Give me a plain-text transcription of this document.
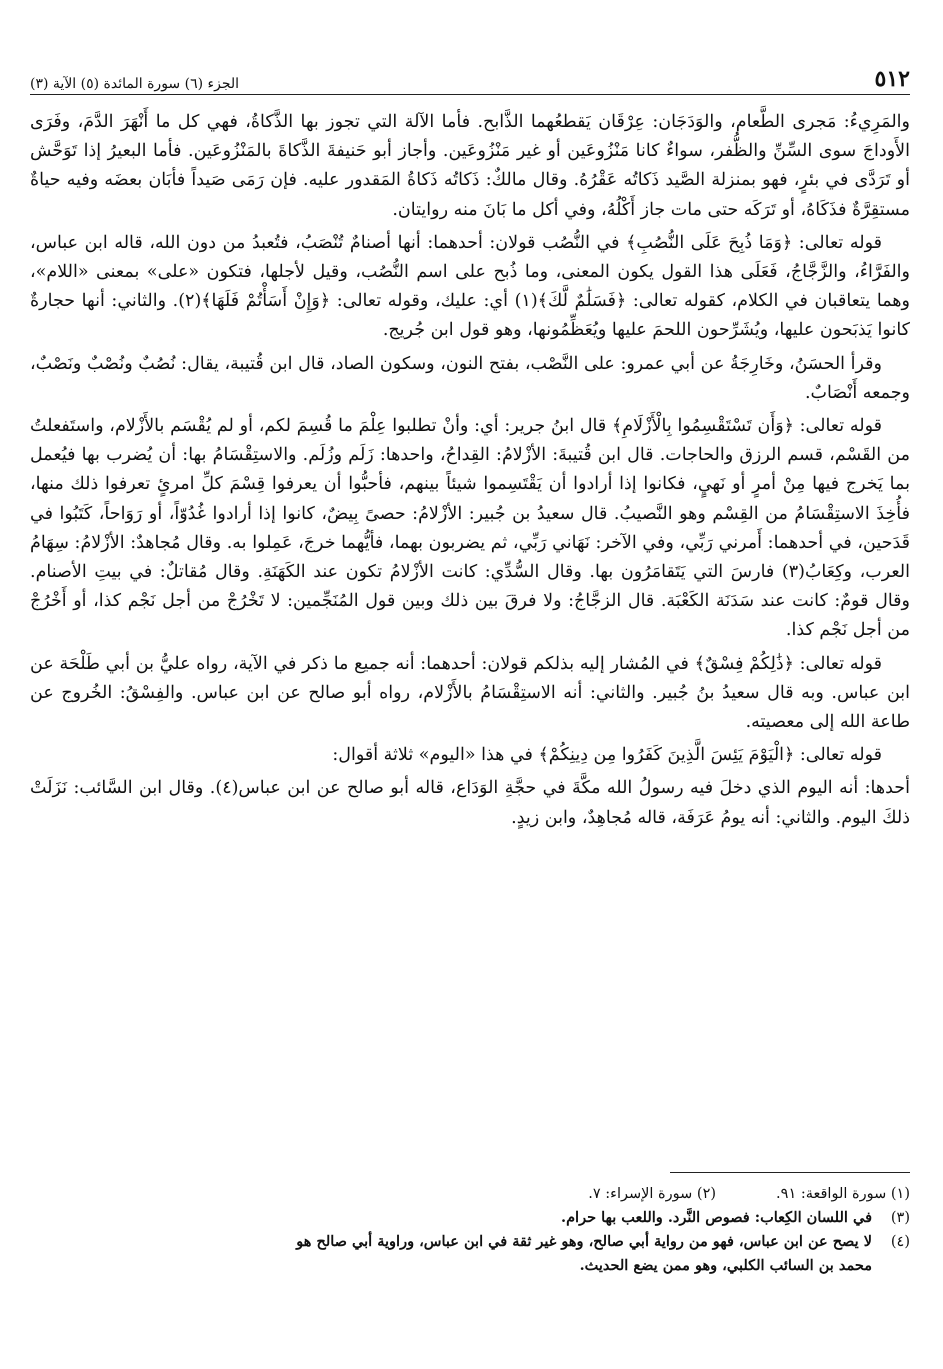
٥١٢
الجزء (٦) سورة المائدة (٥) الآية (٣)

والمَرِيءُ: مَجرى الطَّعام، والوَدَجَان: عِرْقَان يَقطعُهما الذَّابح. فأما الآلة التي تجوز بها الذَّكاةُ، فهي كل ما أَنْهَرَ الدَّمَ، وفَرَى الأَوداجَ سوى السِّنِّ والظُّفر، سواءٌ كانا مَنْزُوعَين أو غير مَنْزُوعَين. وأجاز أبو حَنيفةَ الذَّكاةَ بالمَنْزُوعَين. فأما البعيرُ إذا تَوَحَّش أو تَرَدَّى في بئرٍ، فهو بمنزلة الصَّيد ذَكاتُه عَقْرُهُ. وقال مالكٌ: ذَكاتُه ذَكاةُ المَقدور عليه. فإن رَمَى صَيداً فأبَان بعضَه وفيه حياةٌ مستقِرَّةٌ فذَكَاهُ، أو تَرَكَه حتى مات جاز أَكْلُهُ، وفي أكل ما بَانَ منه روايتان.

قوله تعالى: ﴿وَمَا ذُبِحَ عَلَى النُّصُبِ﴾ في النُّصُب قولان: أحدهما: أنها أصنامٌ تُنْصَبُ، فتُعبدُ من دون الله، قاله ابن عباس، والفَرَّاءُ، والزَّجَّاجُ، فَعَلَى هذا القول يكون المعنى، وما ذُبح على اسم النُّصُب، وقيل لأجلها، فتكون «على» بمعنى «اللام»، وهما يتعاقبان في الكلام، كقوله تعالى: ﴿فَسَلَٰمٌ لَّكَ﴾(١) أي: عليك، وقوله تعالى: ﴿وَإِنْ أَسَأْتُمْ فَلَهَا﴾(٢). والثاني: أنها حجارةٌ كانوا يَذبَحون عليها، ويُشَرِّحون اللحمَ عليها ويُعَظِّمُونها، وهو قول ابن جُريج.

وقرأ الحسَنُ، وخَارِجَةُ عن أبي عمرو: على النَّصْب، بفتح النون، وسكون الصاد، قال ابن قُتيبة، يقال: نُصُبٌ ونُصْبٌ ونَصْبٌ، وجمعه أَنْصَابٌ.

قوله تعالى: ﴿وَأَن تَسْتَقْسِمُوا بِالْأَزْلَامِ﴾ قال ابنُ جرير: أي: وأنْ تطلبوا عِلْمَ ما قُسِمَ لكم، أو لم يُقْسَم بالأَزْلام، واستَفعلتُ من القَسْم، قسم الرزق والحاجات. قال ابن قُتيبةَ: الأزْلامُ: القِداحُ، واحدها: زَلَم وزُلَم. والاستِقْسَامُ بها: أن يُضرب بها فيُعمل بما يَخرج فيها مِنْ أمرٍ أو نَهيٍ، فكانوا إذا أرادوا أن يَقْتَسِموا شيئاً بينهم، فأحبُّوا أن يعرفوا قِسْمَ كلِّ امرئٍ تعرفوا ذلك منها، فأُخِذَ الاستِقْسَامُ من القِسْم وهو النَّصيبُ. قال سعيدُ بن جُبير: الأزْلامُ: حصىً بِيضٌ، كانوا إذا أرادوا غُدُوّاً، أو رَوَاحاً، كَتَبُوا في قَدَحين، في أحدهما: أَمرني رَبِّي، وفي الآخر: نَهَاني رَبِّي، ثم يضربون بهما، فأيُّهما خرجَ، عَمِلوا به. وقال مُجاهدٌ: الأزْلامُ: سِهَامُ العرب، وكِعَابُ(٣) فارسَ التي يَتَقامَرُون بها. وقال السُّدِّي: كانت الأزْلامُ تكون عند الكَهَنَةِ. وقال مُقاتلٌ: في بيتِ الأصنام. وقال قومٌ: كانت عند سَدَنَة الكَعْبَة. قال الزجَّاجُ: ولا فرقَ بين ذلك وبين قول المُنَجِّمين: لا تَخْرُجْ من أجل نَجْم كذا، أو أَخْرُجْ من أجل نَجْم كذا.

قوله تعالى: ﴿ذَٰلِكُمْ فِسْقٌ﴾ في المُشار إليه بذلكم قولان: أحدهما: أنه جميع ما ذكر في الآية، رواه عليُّ بن أبي طَلْحَة عن ابن عباس. وبه قال سعيدُ بنُ جُبير. والثاني: أنه الاستِقْسَامُ بالأَزْلام، رواه أبو صالح عن ابن عباس. والفِسْقُ: الخُروج عن طاعة الله إلى معصيته.

قوله تعالى: ﴿الْيَوْمَ يَئِسَ الَّذِينَ كَفَرُوا مِن دِينِكُمْ﴾ في هذا «اليوم» ثلاثة أقوال:

أحدها: أنه اليوم الذي دخلَ فيه رسولُ الله مكَّةَ في حجَّةِ الوَدَاع، قاله أبو صالح عن ابن عباس(٤). وقال ابن السَّائب: نَزَلَتْ ذلكَ اليوم. والثاني: أنه يومُ عَرَفَة، قاله مُجاهِدٌ، وابن زيدٍ.

(١) سورة الواقعة: ٩١.
(٢) سورة الإسراء: ٧.
(٣)
في اللسان الكِعاب: فصوص النَّرد. واللعب بها حرام.
(٤)
لا يصح عن ابن عباس، فهو من رواية أبي صالح، وهو غير ثقة في ابن عباس، وراوية أبي صالح هو
محمد بن السائب الكلبي، وهو ممن يضع الحديث.
